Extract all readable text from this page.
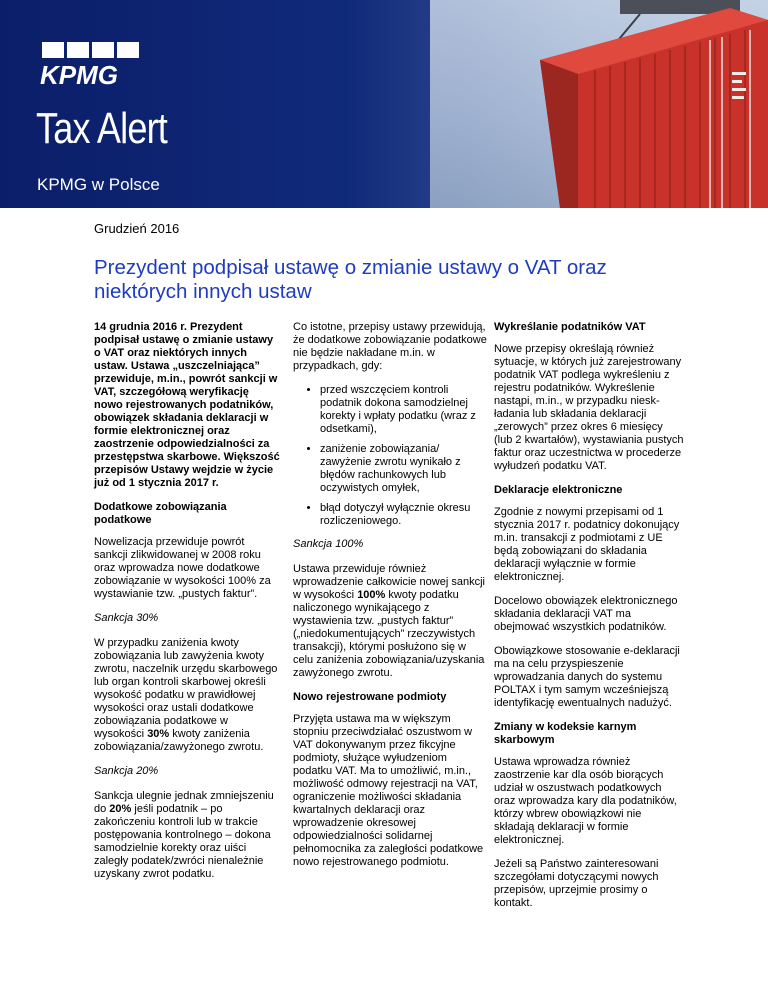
KPMG
Tax Alert
KPMG w Polsce
Grudzień 2016
Prezydent podpisał ustawę o zmianie ustawy o VAT oraz niektórych innych ustaw

14 grudnia 2016 r. Prezydent podpisał ustawę o zmianie ustawy o VAT oraz niektórych innych ustaw. Ustawa „uszczelniająca” przewiduje, m.in., powrót sankcji w VAT, szczegółową weryfikację nowo rejestrowanych podatników, obowiązek składania deklaracji w formie elektronicznej oraz zaostrzenie odpowiedzialności za przestępstwa skarbowe. Większość przepisów Ustawy wejdzie w życie już od 1 stycznia 2017 r.

Dodatkowe zobowiązania podatkowe

Nowelizacja przewiduje powrót sankcji zlikwidowanej w 2008 roku oraz wprowadza nowe dodatkowe zobowiązanie w wysokości 100% za wystawianie tzw. „pustych faktur”.

Sankcja 30%

W przypadku zaniżenia kwoty zobowiązania lub zawyżenia kwoty zwrotu, naczelnik urzędu skarbowego lub organ kontroli skarbowej określi wysokość podatku w prawidłowej wysokości oraz ustali dodatkowe zobowiązania podatkowe w wysokości 30% kwoty zaniżenia zobowiązania/zawyżonego zwrotu.

Sankcja 20%

Sankcja ulegnie jednak zmniejszeniu do 20% jeśli podatnik – po zakończeniu kontroli lub w trakcie postępowania kontrolnego – dokona samodzielnie korekty oraz uiści zaległy podatek/zwróci nienależnie uzyskany zwrot podatku.

Co istotne, przepisy ustawy przewidują, że dodatkowe zobowiązanie podatkowe nie będzie nakładane m.in. w przypadkach, gdy:

• przed wszczęciem kontroli podatnik dokona samodzielnej korekty i wpłaty podatku (wraz z odsetkami),
• zaniżenie zobowiązania/ zawyżenie zwrotu wynikało z błędów rachunkowych lub oczywistych omyłek,
• błąd dotyczył wyłącznie okresu rozliczeniowego.

Sankcja 100%

Ustawa przewiduje również wprowadzenie całkowicie nowej sankcji w wysokości 100% kwoty podatku naliczonego wynikającego z wystawienia tzw. „pustych faktur” („niedokumentujących” rzeczywistych transakcji), którymi posłużono się w celu zaniżenia zobowiązania/uzyskania zawyżonego zwrotu.

Nowo rejestrowane podmioty

Przyjęta ustawa ma w większym stopniu przeciwdziałać oszustwom w VAT dokonywanym przez fikcyjne podmioty, służące wyłudzeniom podatku VAT. Ma to umożliwić, m.in., możliwość odmowy rejestracji na VAT, ograniczenie możliwości składania kwartalnych deklaracji oraz wprowadzenie okresowej odpowiedzialności solidarnej pełnomocnika za zaległości podatkowe nowo rejestrowanego podmiotu.

Wykreślanie podatników VAT

Nowe przepisy określają również sytuacje, w których już zarejestrowany podatnik VAT podlega wykreśleniu z rejestru podatników. Wykreślenie nastąpi, m.in., w przypadku nieskładania lub składania deklaracji „zerowych” przez okres 6 miesięcy (lub 2 kwartałów), wystawiania pustych faktur oraz uczestnictwa w procederze wyłudzeń podatku VAT.

Deklaracje elektroniczne

Zgodnie z nowymi przepisami od 1 stycznia 2017 r. podatnicy dokonujący m.in. transakcji z podmiotami z UE będą zobowiązani do składania deklaracji wyłącznie w formie elektronicznej.

Docelowo obowiązek elektronicznego składania deklaracji VAT ma obejmować wszystkich podatników.

Obowiązkowe stosowanie e-deklaracji ma na celu przyspieszenie wprowadzania danych do systemu POLTAX i tym samym wcześniejszą identyfikację ewentualnych nadużyć.

Zmiany w kodeksie karnym skarbowym

Ustawa wprowadza również zaostrzenie kar dla osób biorących udział w oszustwach podatkowych oraz wprowadza kary dla podatników, którzy wbrew obowiązkowi nie składają deklaracji w formie elektronicznej.

Jeżeli są Państwo zainteresowani szczegółami dotyczącymi nowych przepisów, uprzejmie prosimy o kontakt.
